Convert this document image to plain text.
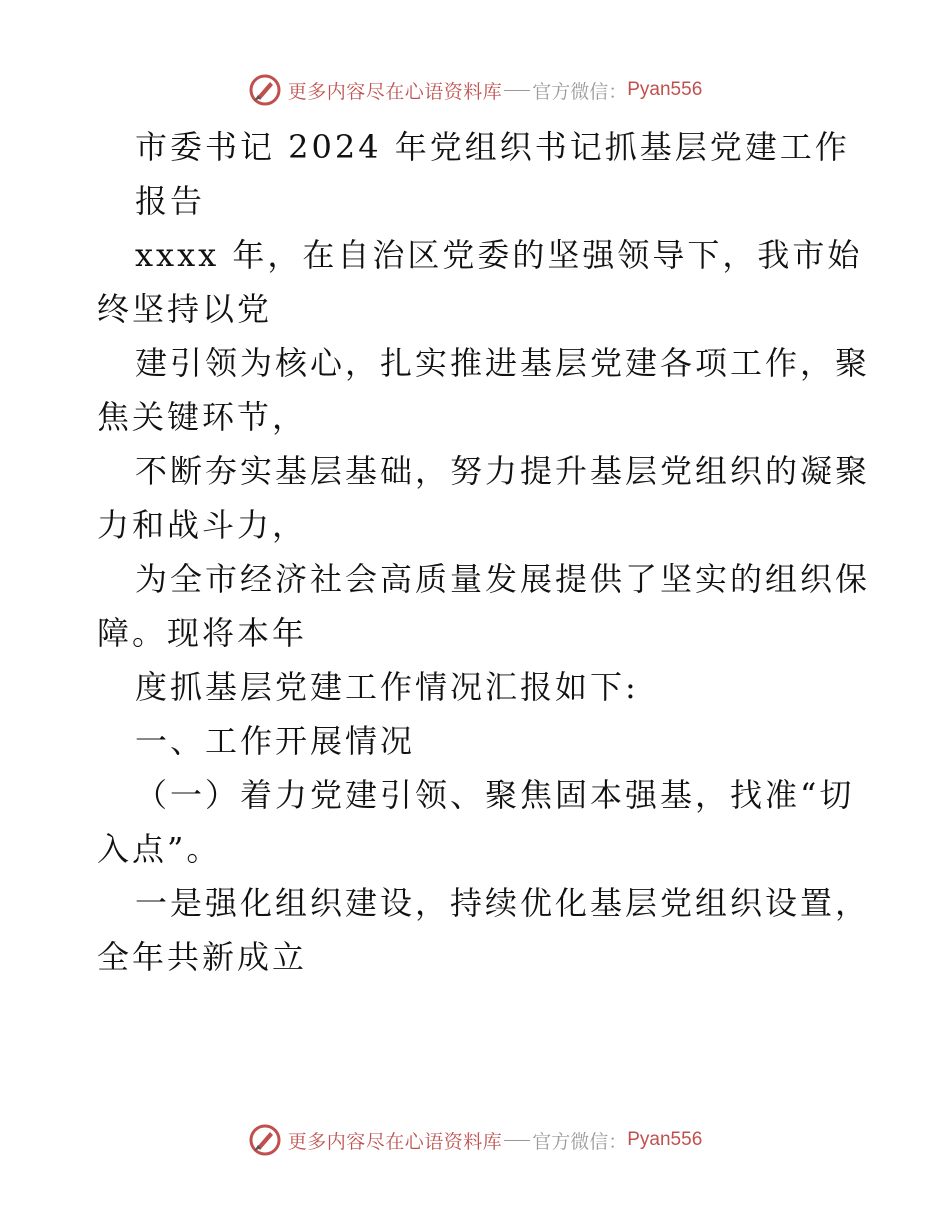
更多内容尽在心语资料库 官方微信： Pyan556
市委书记 2024 年党组织书记抓基层党建工作
报告
xxxx 年，在自治区党委的坚强领导下，我市始
终坚持以党
建引领为核心，扎实推进基层党建各项工作，聚
焦关键环节，
不断夯实基层基础，努力提升基层党组织的凝聚
力和战斗力，
为全市经济社会高质量发展提供了坚实的组织保
障。现将本年
度抓基层党建工作情况汇报如下:
一、工作开展情况
（一）着力党建引领、聚焦固本强基，找准“切
入点”。
一是强化组织建设，持续优化基层党组织设置，
全年共新成立
更多内容尽在心语资料库 官方微信： Pyan556
